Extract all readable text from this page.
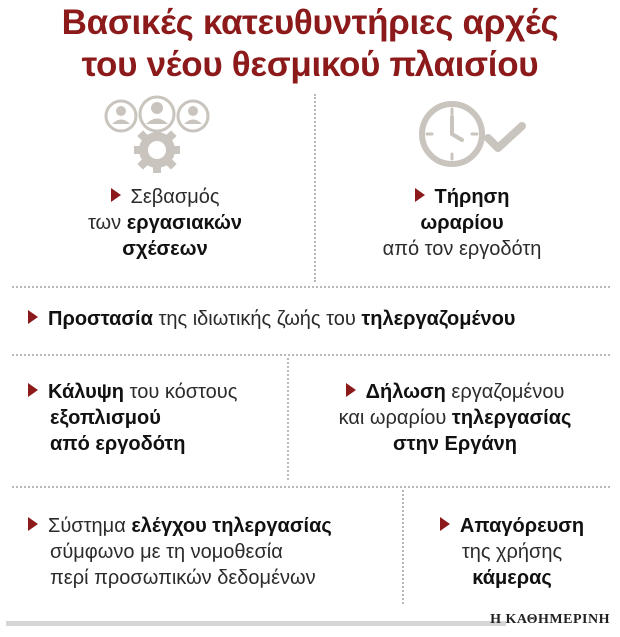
Βασικές κατευθυντήριες αρχές
του νέου θεσμικού πλαισίου
Σεβασμός
των εργασιακών
σχέσεων
Τήρηση
ωραρίου
από τον εργοδότη
Προστασία της ιδιωτικής ζωής του τηλεργαζομένου
Κάλυψη του κόστους
εξοπλισμού
από εργοδότη
Δήλωση εργαζομένου
και ωραρίου τηλεργασίας
στην Εργάνη
Σύστημα ελέγχου τηλεργασίας
σύμφωνο με τη νομοθεσία
περί προσωπικών δεδομένων
Απαγόρευση
της χρήσης
κάμερας
Η ΚΑΘΗΜΕΡΙΝΗ
